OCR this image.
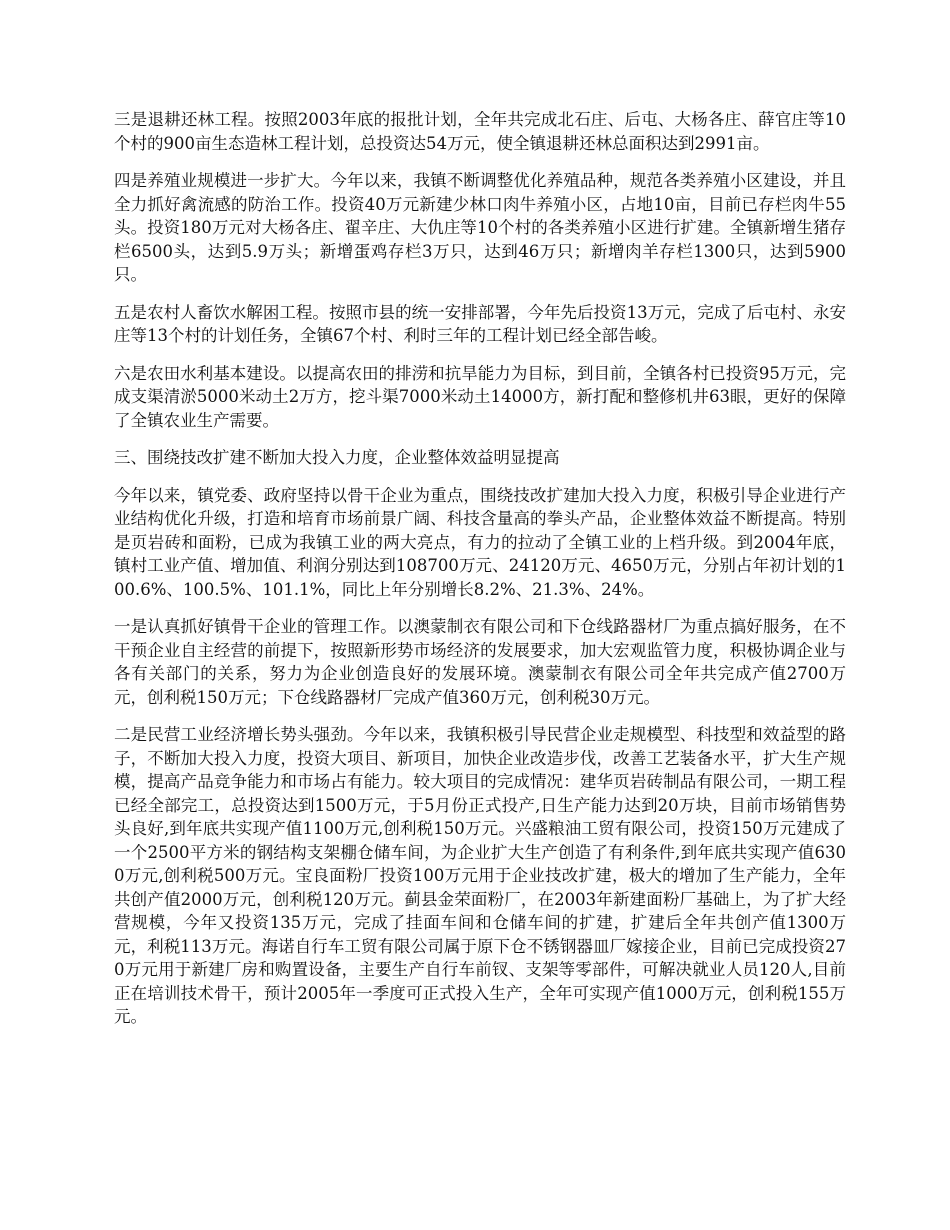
三是退耕还林工程。按照2003年底的报批计划，全年共完成北石庄、后屯、大杨各庄、薛官庄等10个村的900亩生态造林工程计划，总投资达54万元，使全镇退耕还林总面积达到2991亩。

四是养殖业规模进一步扩大。今年以来，我镇不断调整优化养殖品种，规范各类养殖小区建设，并且全力抓好禽流感的防治工作。投资40万元新建少林口肉牛养殖小区，占地10亩，目前已存栏肉牛55头。投资180万元对大杨各庄、翟辛庄、大仇庄等10个村的各类养殖小区进行扩建。全镇新增生猪存栏6500头，达到5.9万头；新增蛋鸡存栏3万只，达到46万只；新增肉羊存栏1300只，达到5900只。

五是农村人畜饮水解困工程。按照市县的统一安排部署，今年先后投资13万元，完成了后屯村、永安庄等13个村的计划任务，全镇67个村、利时三年的工程计划已经全部告峻。

六是农田水利基本建设。以提高农田的排涝和抗旱能力为目标，到目前，全镇各村已投资95万元，完成支渠清淤5000米动土2万方，挖斗渠7000米动土14000方，新打配和整修机井63眼，更好的保障了全镇农业生产需要。

三、围绕技改扩建不断加大投入力度，企业整体效益明显提高

今年以来，镇党委、政府坚持以骨干企业为重点，围绕技改扩建加大投入力度，积极引导企业进行产业结构优化升级，打造和培育市场前景广阔、科技含量高的拳头产品，企业整体效益不断提高。特别是页岩砖和面粉，已成为我镇工业的两大亮点，有力的拉动了全镇工业的上档升级。到2004年底，镇村工业产值、增加值、利润分别达到108700万元、24120万元、4650万元，分别占年初计划的100.6%、100.5%、101.1%，同比上年分别增长8.2%、21.3%、24%。

一是认真抓好镇骨干企业的管理工作。以澳蒙制衣有限公司和下仓线路器材厂为重点搞好服务，在不干预企业自主经营的前提下，按照新形势市场经济的发展要求，加大宏观监管力度，积极协调企业与各有关部门的关系，努力为企业创造良好的发展环境。澳蒙制衣有限公司全年共完成产值2700万元，创利税150万元；下仓线路器材厂完成产值360万元，创利税30万元。

二是民营工业经济增长势头强劲。今年以来，我镇积极引导民营企业走规模型、科技型和效益型的路子，不断加大投入力度，投资大项目、新项目，加快企业改造步伐，改善工艺装备水平，扩大生产规模，提高产品竞争能力和市场占有能力。较大项目的完成情况：建华页岩砖制品有限公司，一期工程已经全部完工，总投资达到1500万元，于5月份正式投产,日生产能力达到20万块，目前市场销售势头良好,到年底共实现产值1100万元,创利税150万元。兴盛粮油工贸有限公司，投资150万元建成了一个2500平方米的钢结构支架棚仓储车间，为企业扩大生产创造了有利条件,到年底共实现产值6300万元,创利税500万元。宝良面粉厂投资100万元用于企业技改扩建，极大的增加了生产能力，全年共创产值2000万元，创利税120万元。蓟县金荣面粉厂，在2003年新建面粉厂基础上，为了扩大经营规模，今年又投资135万元，完成了挂面车间和仓储车间的扩建，扩建后全年共创产值1300万元，利税113万元。海诺自行车工贸有限公司属于原下仓不锈钢器皿厂嫁接企业，目前已完成投资270万元用于新建厂房和购置设备，主要生产自行车前钗、支架等零部件，可解决就业人员120人,目前正在培训技术骨干，预计2005年一季度可正式投入生产，全年可实现产值1000万元，创利税155万元。
